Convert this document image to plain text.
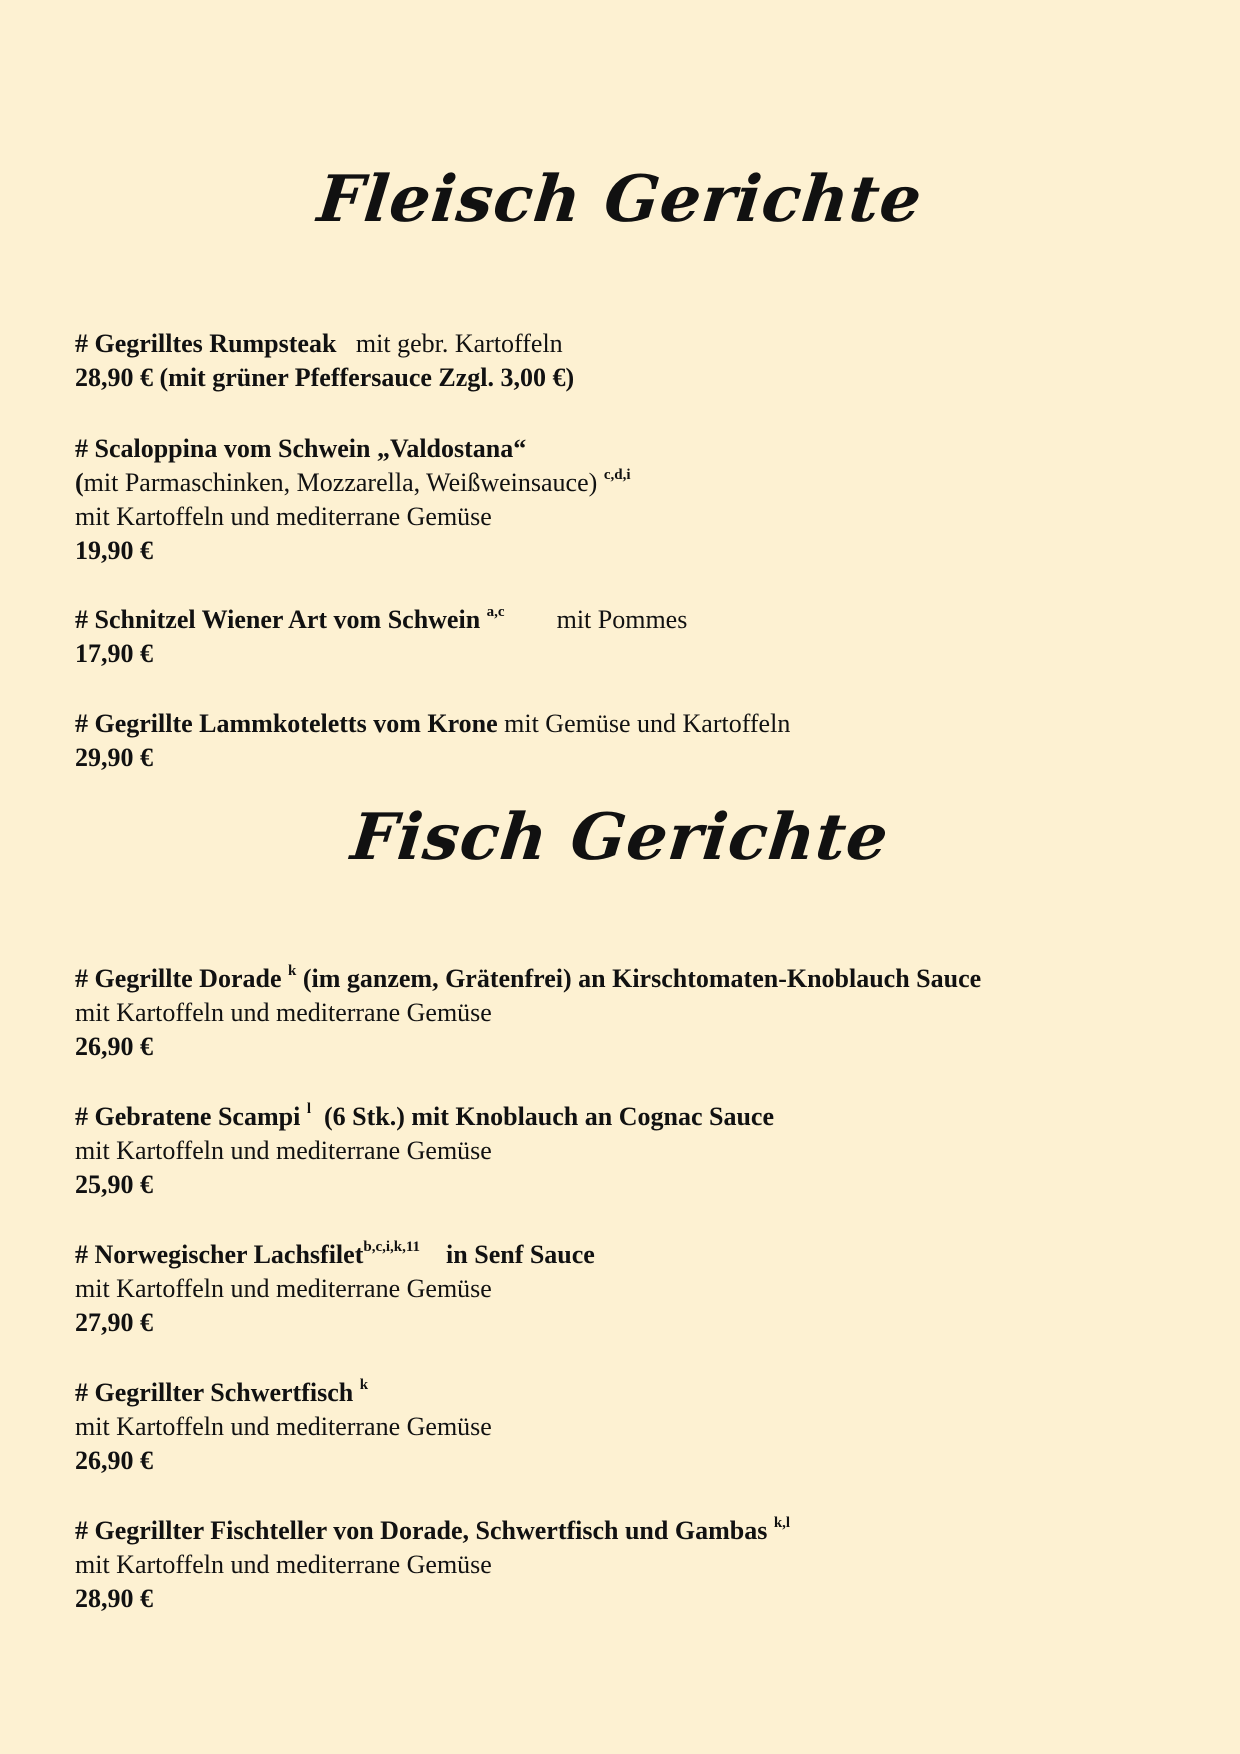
Fleisch Gerichte
# Gegrilltes Rumpsteak mit gebr. Kartoffeln
28,90 € (mit grüner Pfeffersauce Zzgl. 3,00 €)
# Scaloppina vom Schwein „Valdostana“
(mit Parmaschinken, Mozzarella, Weißweinsauce) $^{c,d,i}$
mit Kartoffeln und mediterrane Gemüse
19,90 €
# Schnitzel Wiener Art vom Schwein $^{a,c}$ mit Pommes
17,90 €
# Gegrillte Lammkoteletts vom Krone mit Gemüse und Kartoffeln
29,90 €
Fisch Gerichte
# Gegrillte Dorade $^k$ (im ganzem, Grätenfrei) an Kirschtomaten-Knoblauch Sauce
mit Kartoffeln und mediterrane Gemüse
26,90 €
# Gebratene Scampi $^l$ (6 Stk.) mit Knoblauch an Cognac Sauce
mit Kartoffeln und mediterrane Gemüse
25,90 €
# Norwegischer Lachsfilet$^{b,c,i,k,11}$ in Senf Sauce
mit Kartoffeln und mediterrane Gemüse
27,90 €
# Gegrillter Schwertfisch $^k$
mit Kartoffeln und mediterrane Gemüse
26,90 €
# Gegrillter Fischteller von Dorade, Schwertfisch und Gambas $^{k,l}$
mit Kartoffeln und mediterrane Gemüse
28,90 €
